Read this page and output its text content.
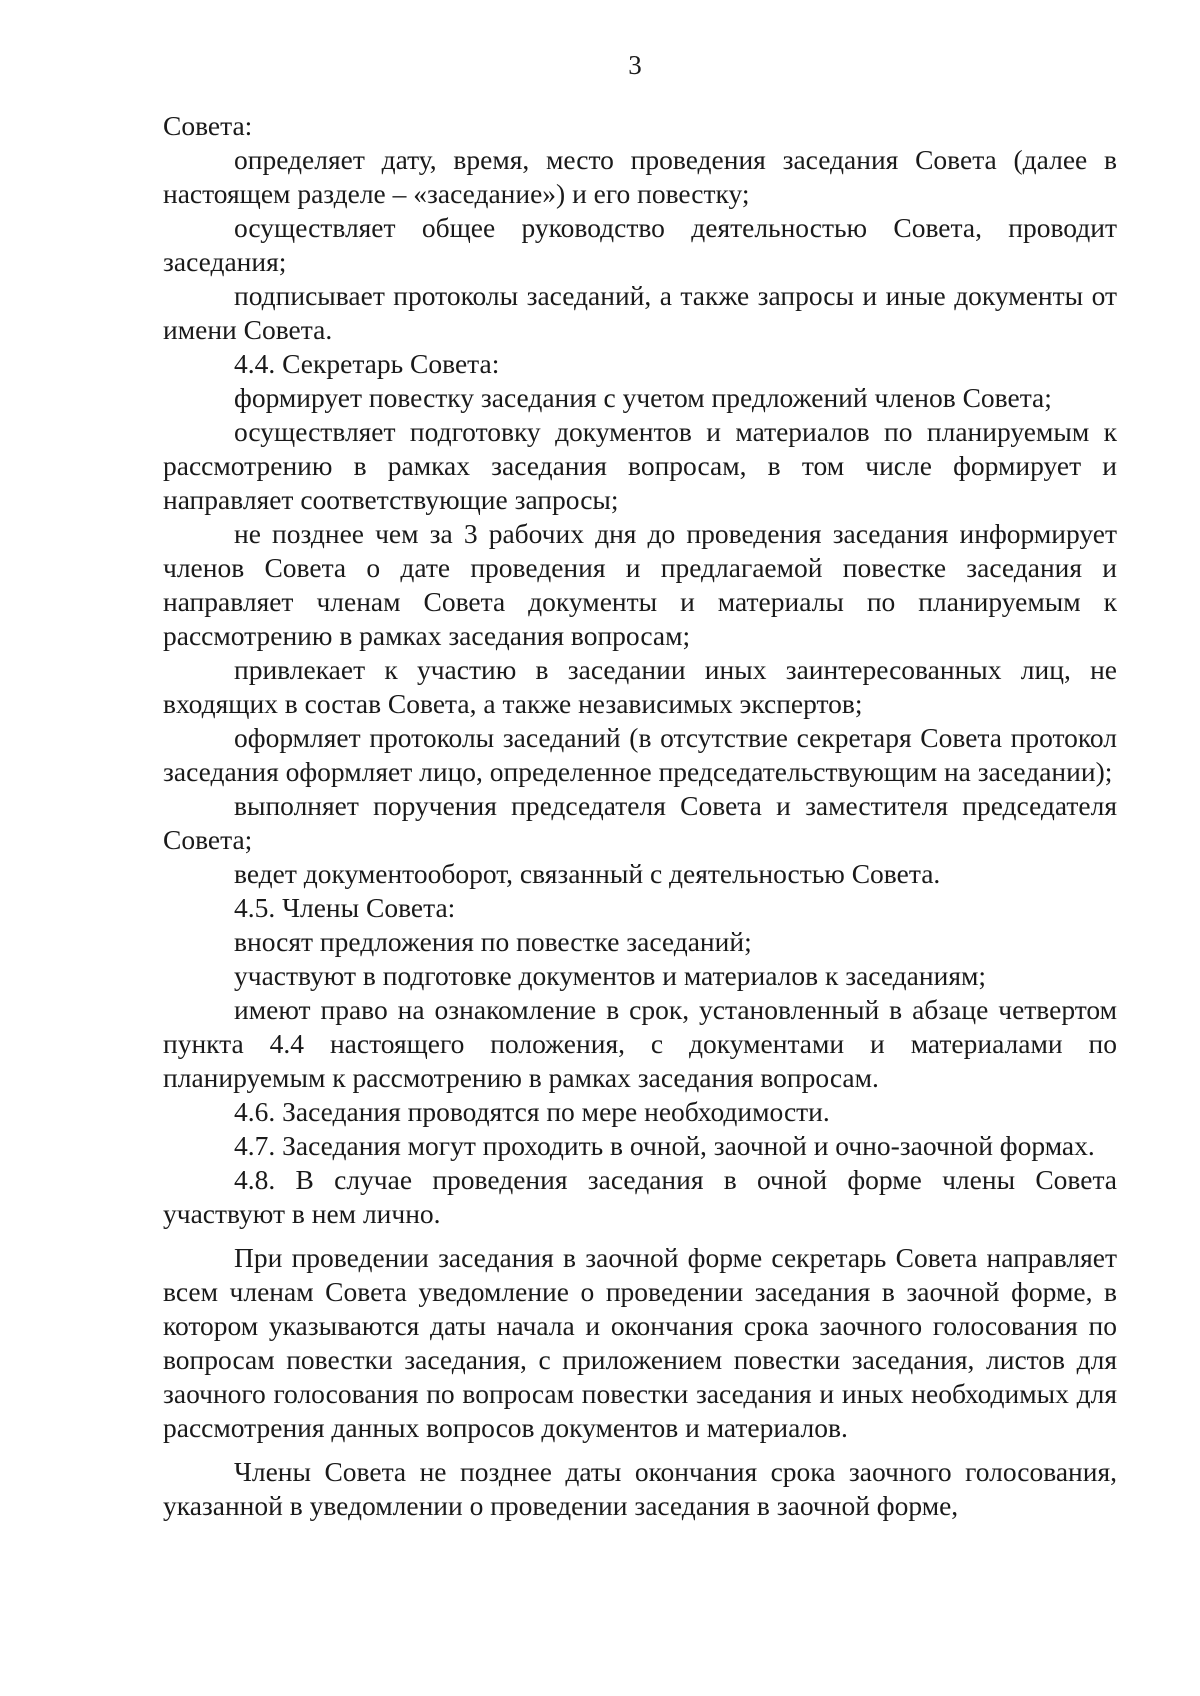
3

Совета:

определяет дату, время, место проведения заседания Совета (далее в настоящем разделе – «заседание») и его повестку;

осуществляет общее руководство деятельностью Совета, проводит заседания;

подписывает протоколы заседаний, а также запросы и иные документы от имени Совета.

4.4. Секретарь Совета:

формирует повестку заседания с учетом предложений членов Совета;

осуществляет подготовку документов и материалов по планируемым к рассмотрению в рамках заседания вопросам, в том числе формирует и направляет соответствующие запросы;

не позднее чем за 3 рабочих дня до проведения заседания информирует членов Совета о дате проведения и предлагаемой повестке заседания и направляет членам Совета документы и материалы по планируемым к рассмотрению в рамках заседания вопросам;

привлекает к участию в заседании иных заинтересованных лиц, не входящих в состав Совета, а также независимых экспертов;

оформляет протоколы заседаний (в отсутствие секретаря Совета протокол заседания оформляет лицо, определенное председательствующим на заседании);

выполняет поручения председателя Совета и заместителя председателя Совета;

ведет документооборот, связанный с деятельностью Совета.

4.5. Члены Совета:

вносят предложения по повестке заседаний;

участвуют в подготовке документов и материалов к заседаниям;

имеют право на ознакомление в срок, установленный в абзаце четвертом пункта 4.4 настоящего положения, с документами и материалами по планируемым к рассмотрению в рамках заседания вопросам.

4.6. Заседания проводятся по мере необходимости.

4.7. Заседания могут проходить в очной, заочной и очно-заочной формах.

4.8. В случае проведения заседания в очной форме члены Совета участвуют в нем лично.

При проведении заседания в заочной форме секретарь Совета направляет всем членам Совета уведомление о проведении заседания в заочной форме, в котором указываются даты начала и окончания срока заочного голосования по вопросам повестки заседания, с приложением повестки заседания, листов для заочного голосования по вопросам повестки заседания и иных необходимых для рассмотрения данных вопросов документов и материалов.

Члены Совета не позднее даты окончания срока заочного голосования, указанной в уведомлении о проведении заседания в заочной форме,
